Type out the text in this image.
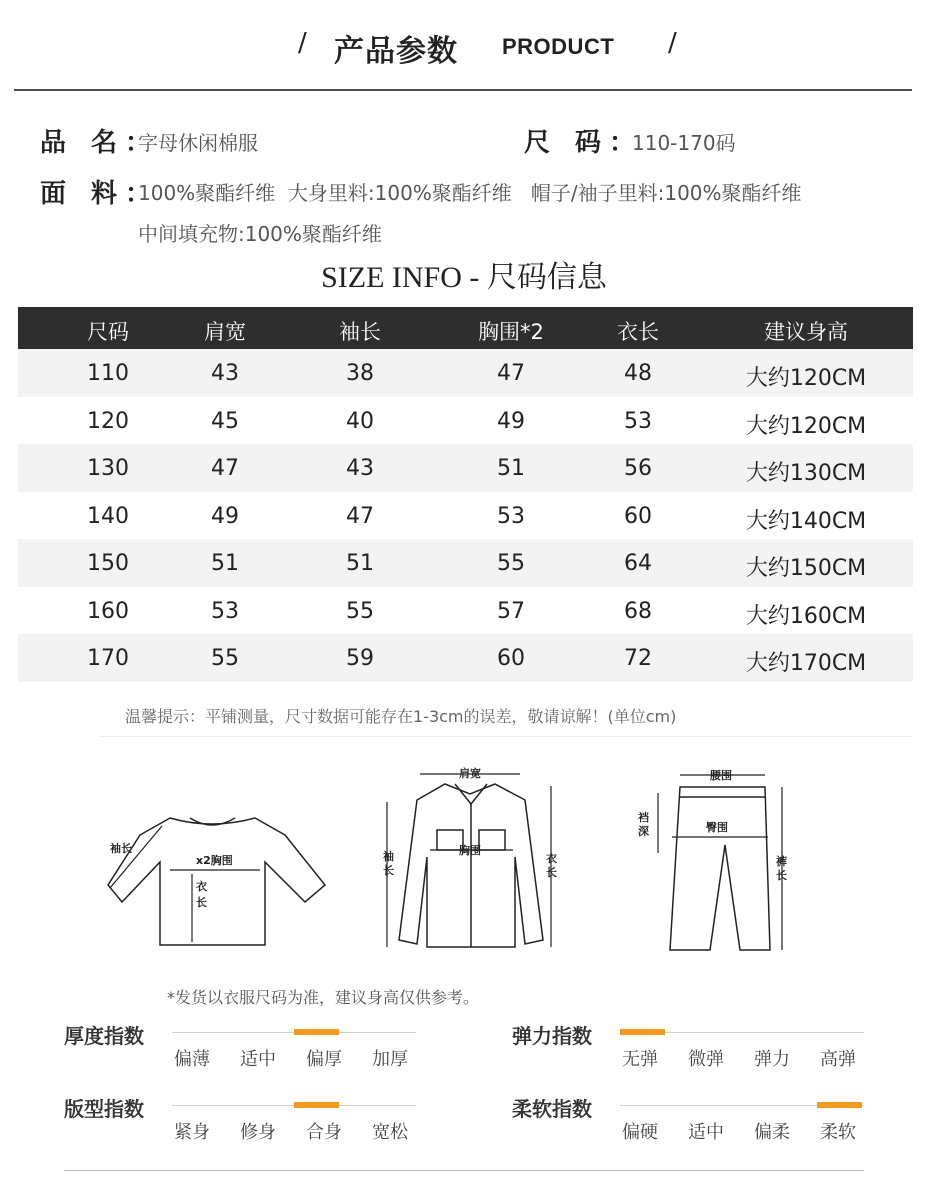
/ 产品参数 PRODUCT /
品 名：
字母休闲棉服	尺 码：
110-170码
面 料：
100%聚酯纤维  大身里料:100%聚酯纤维   帽子/袖子里料:100%聚酯纤维
中间填充物:100%聚酯纤维
SIZE INFO - 尺码信息
尺码	肩宽	袖长	胸围*2	衣长	建议身高
110	43	38	47	48	大约120CM
120	45	40	49	53	大约120CM
130	47	43	51	56	大约130CM
140	49	47	53	60	大约140CM
150	51	51	55	64	大约150CM
160	53	55	57	68	大约160CM
170	55	59	60	72	大约170CM
温馨提示：平铺测量，尺寸数据可能存在1-3cm的误差，敬请谅解！(单位cm)
袖长
x2胸围
衣
长
肩宽
袖
长
胸围
衣
长
腰围
裆
深	臀围
裤
长
*发货以衣服尺码为准，建议身高仅供参考。
厚度指数
偏薄 适中 偏厚 加厚
弹力指数
无弹 微弹 弹力 高弹
版型指数
紧身 修身 合身 宽松
柔软指数
偏硬 适中 偏柔 柔软
